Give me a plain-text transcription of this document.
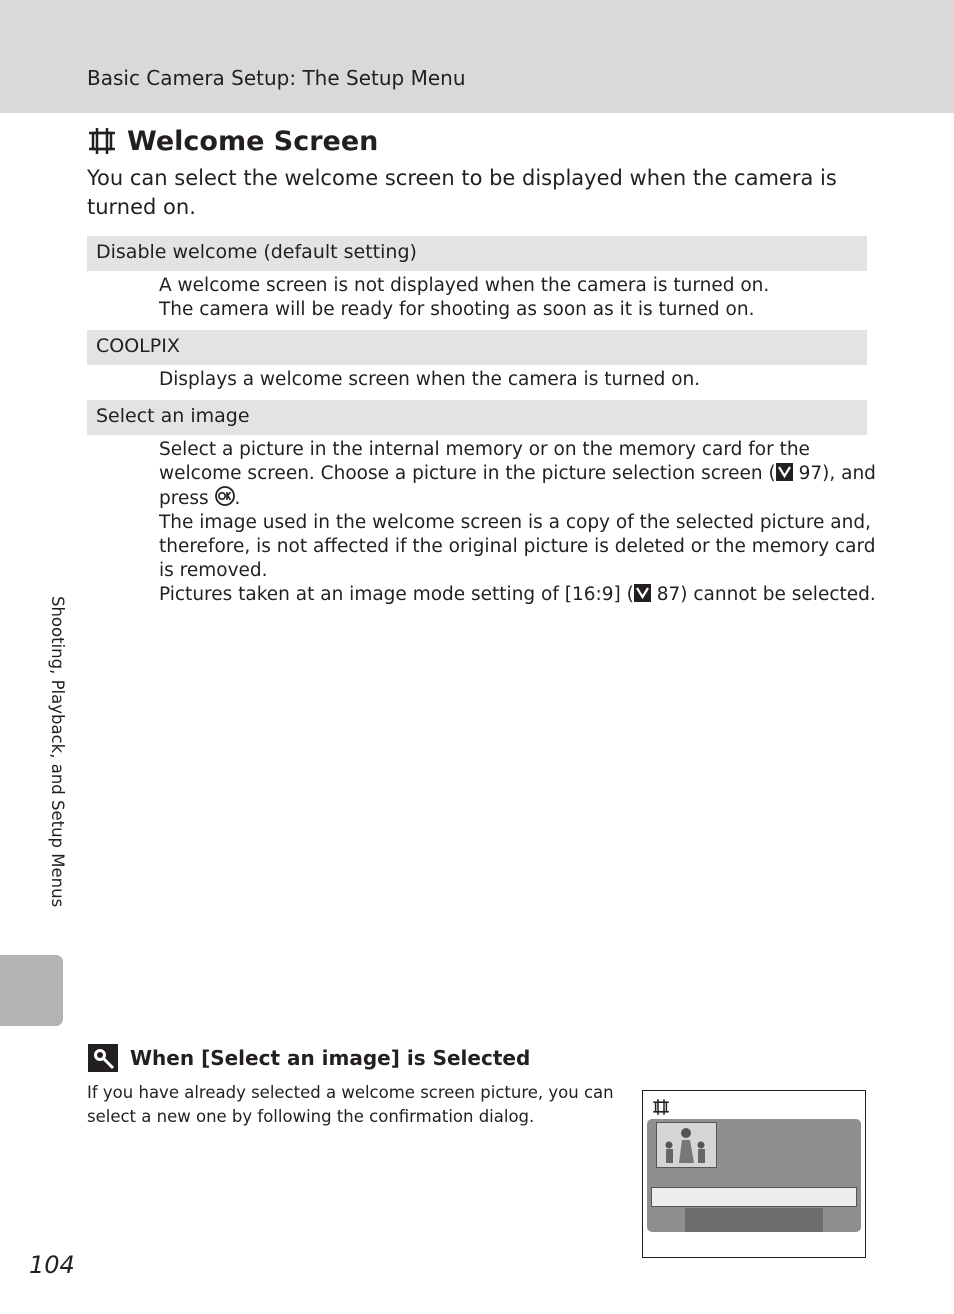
Basic Camera Setup: The Setup Menu
Welcome Screen
You can select the welcome screen to be displayed when the camera is turned on.
Disable welcome (default setting)
A welcome screen is not displayed when the camera is turned on.
The camera will be ready for shooting as soon as it is turned on.
COOLPIX
Displays a welcome screen when the camera is turned on.
Select an image
Select a picture in the internal memory or on the memory card for the
welcome screen. Choose a picture in the picture selection screen ( 97), and
press .
The image used in the welcome screen is a copy of the selected picture and,
therefore, is not affected if the original picture is deleted or the memory card
is removed.
Pictures taken at an image mode setting of [16:9] ( 87) cannot be selected.
Shooting, Playback, and Setup Menus
When [Select an image] is Selected
If you have already selected a welcome screen picture, you can
select a new one by following the confirmation dialog.
104
